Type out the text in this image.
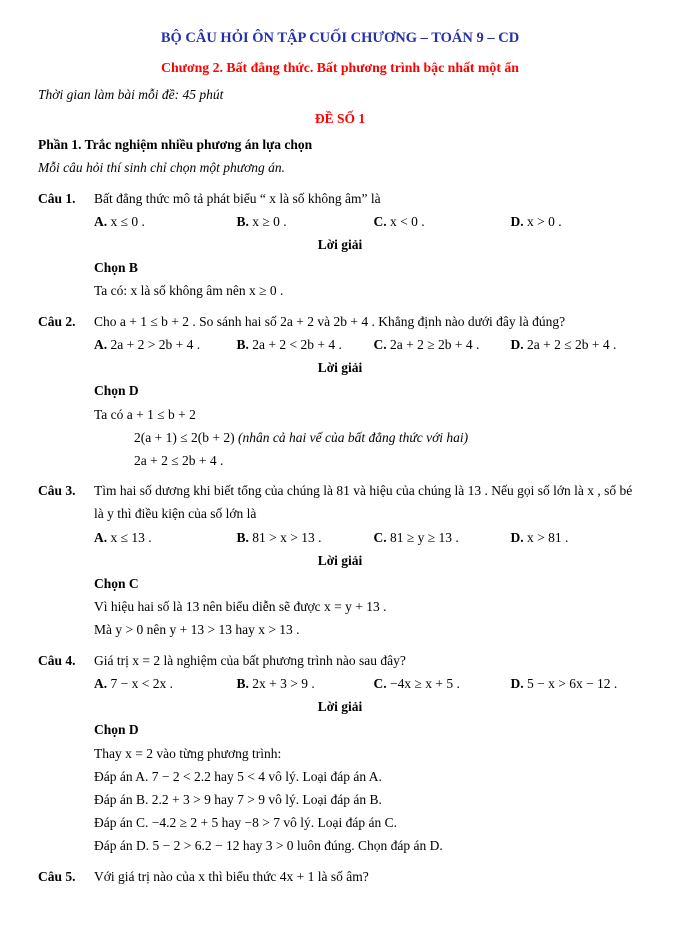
BỘ CÂU HỎI ÔN TẬP CUỐI CHƯƠNG – TOÁN 9 – CD
Chương 2. Bất đẳng thức. Bất phương trình bậc nhất một ẩn
Thời gian làm bài mỗi đề: 45 phút
ĐỀ SỐ 1
Phần 1. Trắc nghiệm nhiều phương án lựa chọn
Mỗi câu hỏi thí sinh chỉ chọn một phương án.
Câu 1.	Bất đẳng thức mô tả phát biểu “ x là số không âm” là
A. x ≤ 0 .	B. x ≥ 0 .	C. x < 0 .	D. x > 0 .
Lời giải
Chọn B
Ta có: x là số không âm nên x ≥ 0 .
Câu 2.	Cho a + 1 ≤ b + 2 . So sánh hai số 2a + 2 và 2b + 4 . Khẳng định nào dưới đây là đúng?
A. 2a + 2 > 2b + 4 .	B. 2a + 2 < 2b + 4 .	C. 2a + 2 ≥ 2b + 4 .	D. 2a + 2 ≤ 2b + 4 .
Lời giải
Chọn D
Ta có a + 1 ≤ b + 2
2(a + 1) ≤ 2(b + 2) (nhân cả hai vế của bất đẳng thức với hai)
2a + 2 ≤ 2b + 4 .
Câu 3.	Tìm hai số dương khi biết tổng của chúng là 81 và hiệu của chúng là 13 . Nếu gọi số lớn là x , số bé là y thì điều kiện của số lớn là
A. x ≤ 13 .	B. 81 > x > 13 .	C. 81 ≥ y ≥ 13 .	D. x > 81 .
Lời giải
Chọn C
Vì hiệu hai số là 13 nên biểu diễn sẽ được x = y + 13 .
Mà y > 0 nên y + 13 > 13 hay x > 13 .
Câu 4.	Giá trị x = 2 là nghiệm của bất phương trình nào sau đây?
A. 7 − x < 2x .	B. 2x + 3 > 9 .	C. −4x ≥ x + 5 .	D. 5 − x > 6x − 12 .
Lời giải
Chọn D
Thay x = 2 vào từng phương trình:
Đáp án A. 7 − 2 < 2.2 hay 5 < 4 vô lý. Loại đáp án A.
Đáp án B. 2.2 + 3 > 9 hay 7 > 9 vô lý. Loại đáp án B.
Đáp án C. −4.2 ≥ 2 + 5 hay −8 > 7 vô lý. Loại đáp án C.
Đáp án D. 5 − 2 > 6.2 − 12 hay 3 > 0 luôn đúng. Chọn đáp án D.
Câu 5.	Với giá trị nào của x thì biểu thức 4x + 1 là số âm?
